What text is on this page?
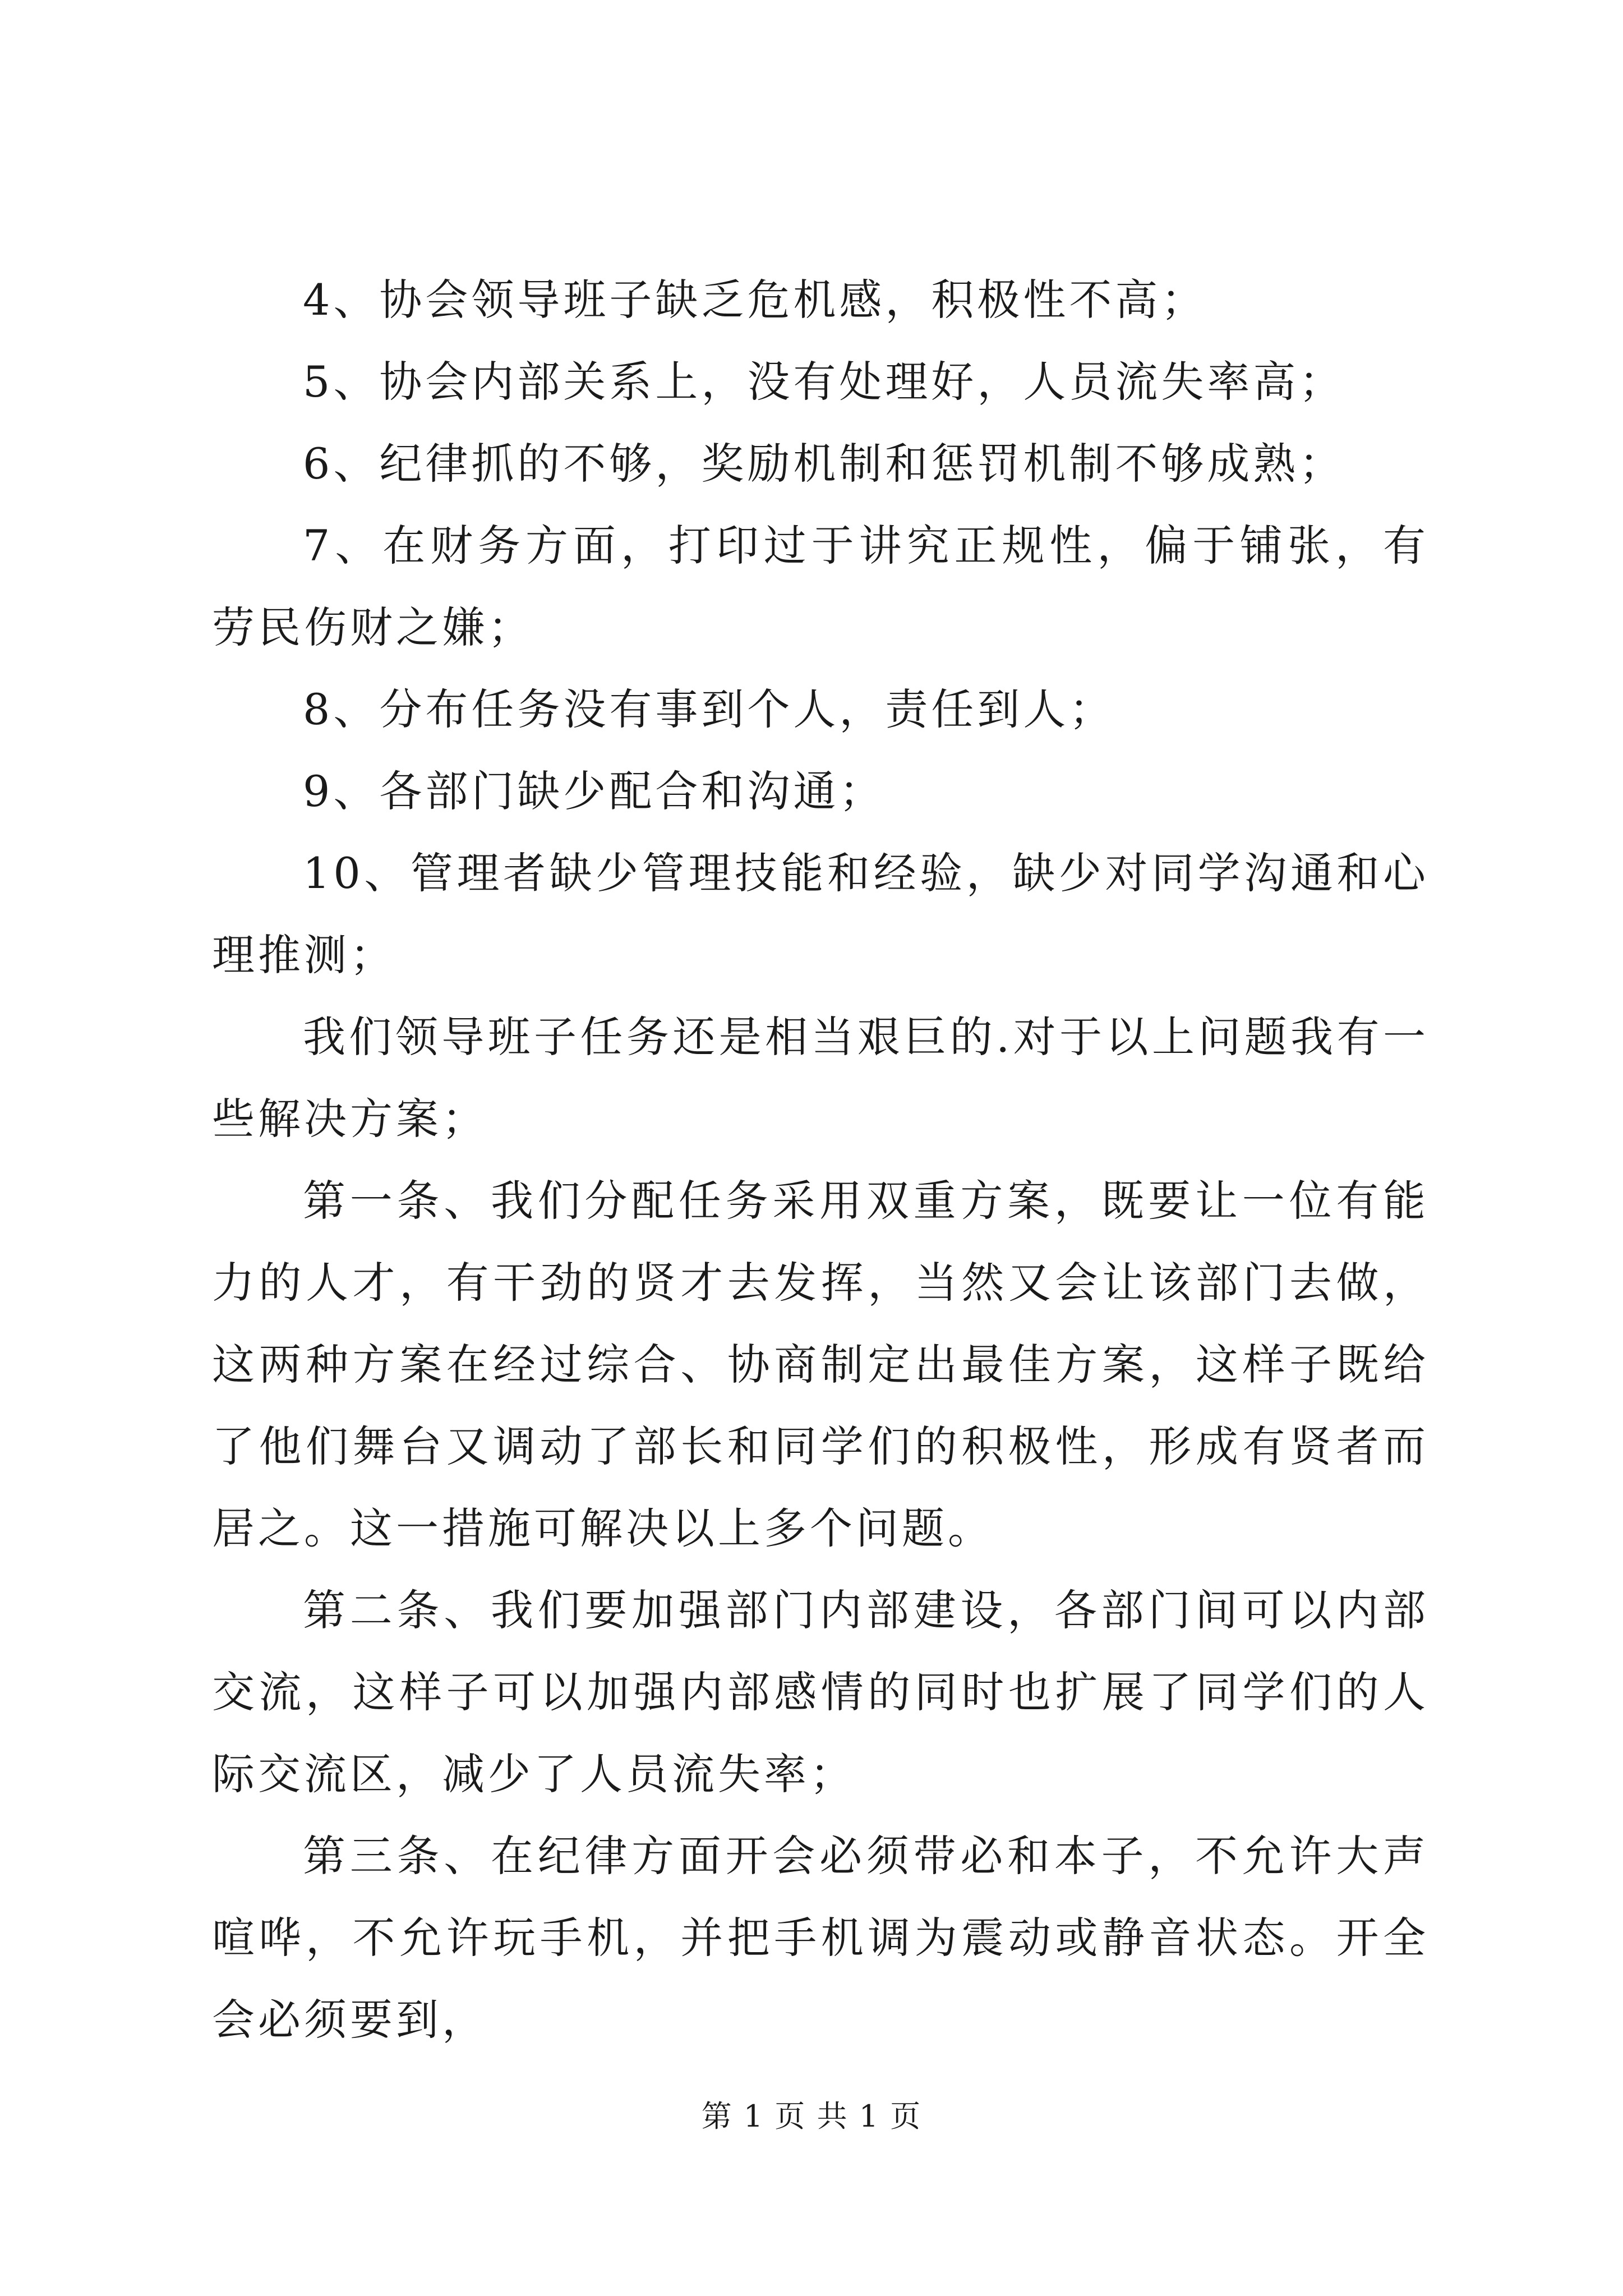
4、协会领导班子缺乏危机感，积极性不高；

5、协会内部关系上，没有处理好，人员流失率高；

6、纪律抓的不够，奖励机制和惩罚机制不够成熟；

7、在财务方面，打印过于讲究正规性，偏于铺张，有劳民伤财之嫌；

8、分布任务没有事到个人，责任到人；

9、各部门缺少配合和沟通；

10、管理者缺少管理技能和经验，缺少对同学沟通和心理推测；

我们领导班子任务还是相当艰巨的.对于以上问题我有一些解决方案；

第一条、我们分配任务采用双重方案，既要让一位有能力的人才，有干劲的贤才去发挥，当然又会让该部门去做，这两种方案在经过综合、协商制定出最佳方案，这样子既给了他们舞台又调动了部长和同学们的积极性，形成有贤者而居之。这一措施可解决以上多个问题。

第二条、我们要加强部门内部建设，各部门间可以内部交流，这样子可以加强内部感情的同时也扩展了同学们的人际交流区，减少了人员流失率；

第三条、在纪律方面开会必须带必和本子，不允许大声喧哗，不允许玩手机，并把手机调为震动或静音状态。开全会必须要到，

第 1 页 共 1 页
